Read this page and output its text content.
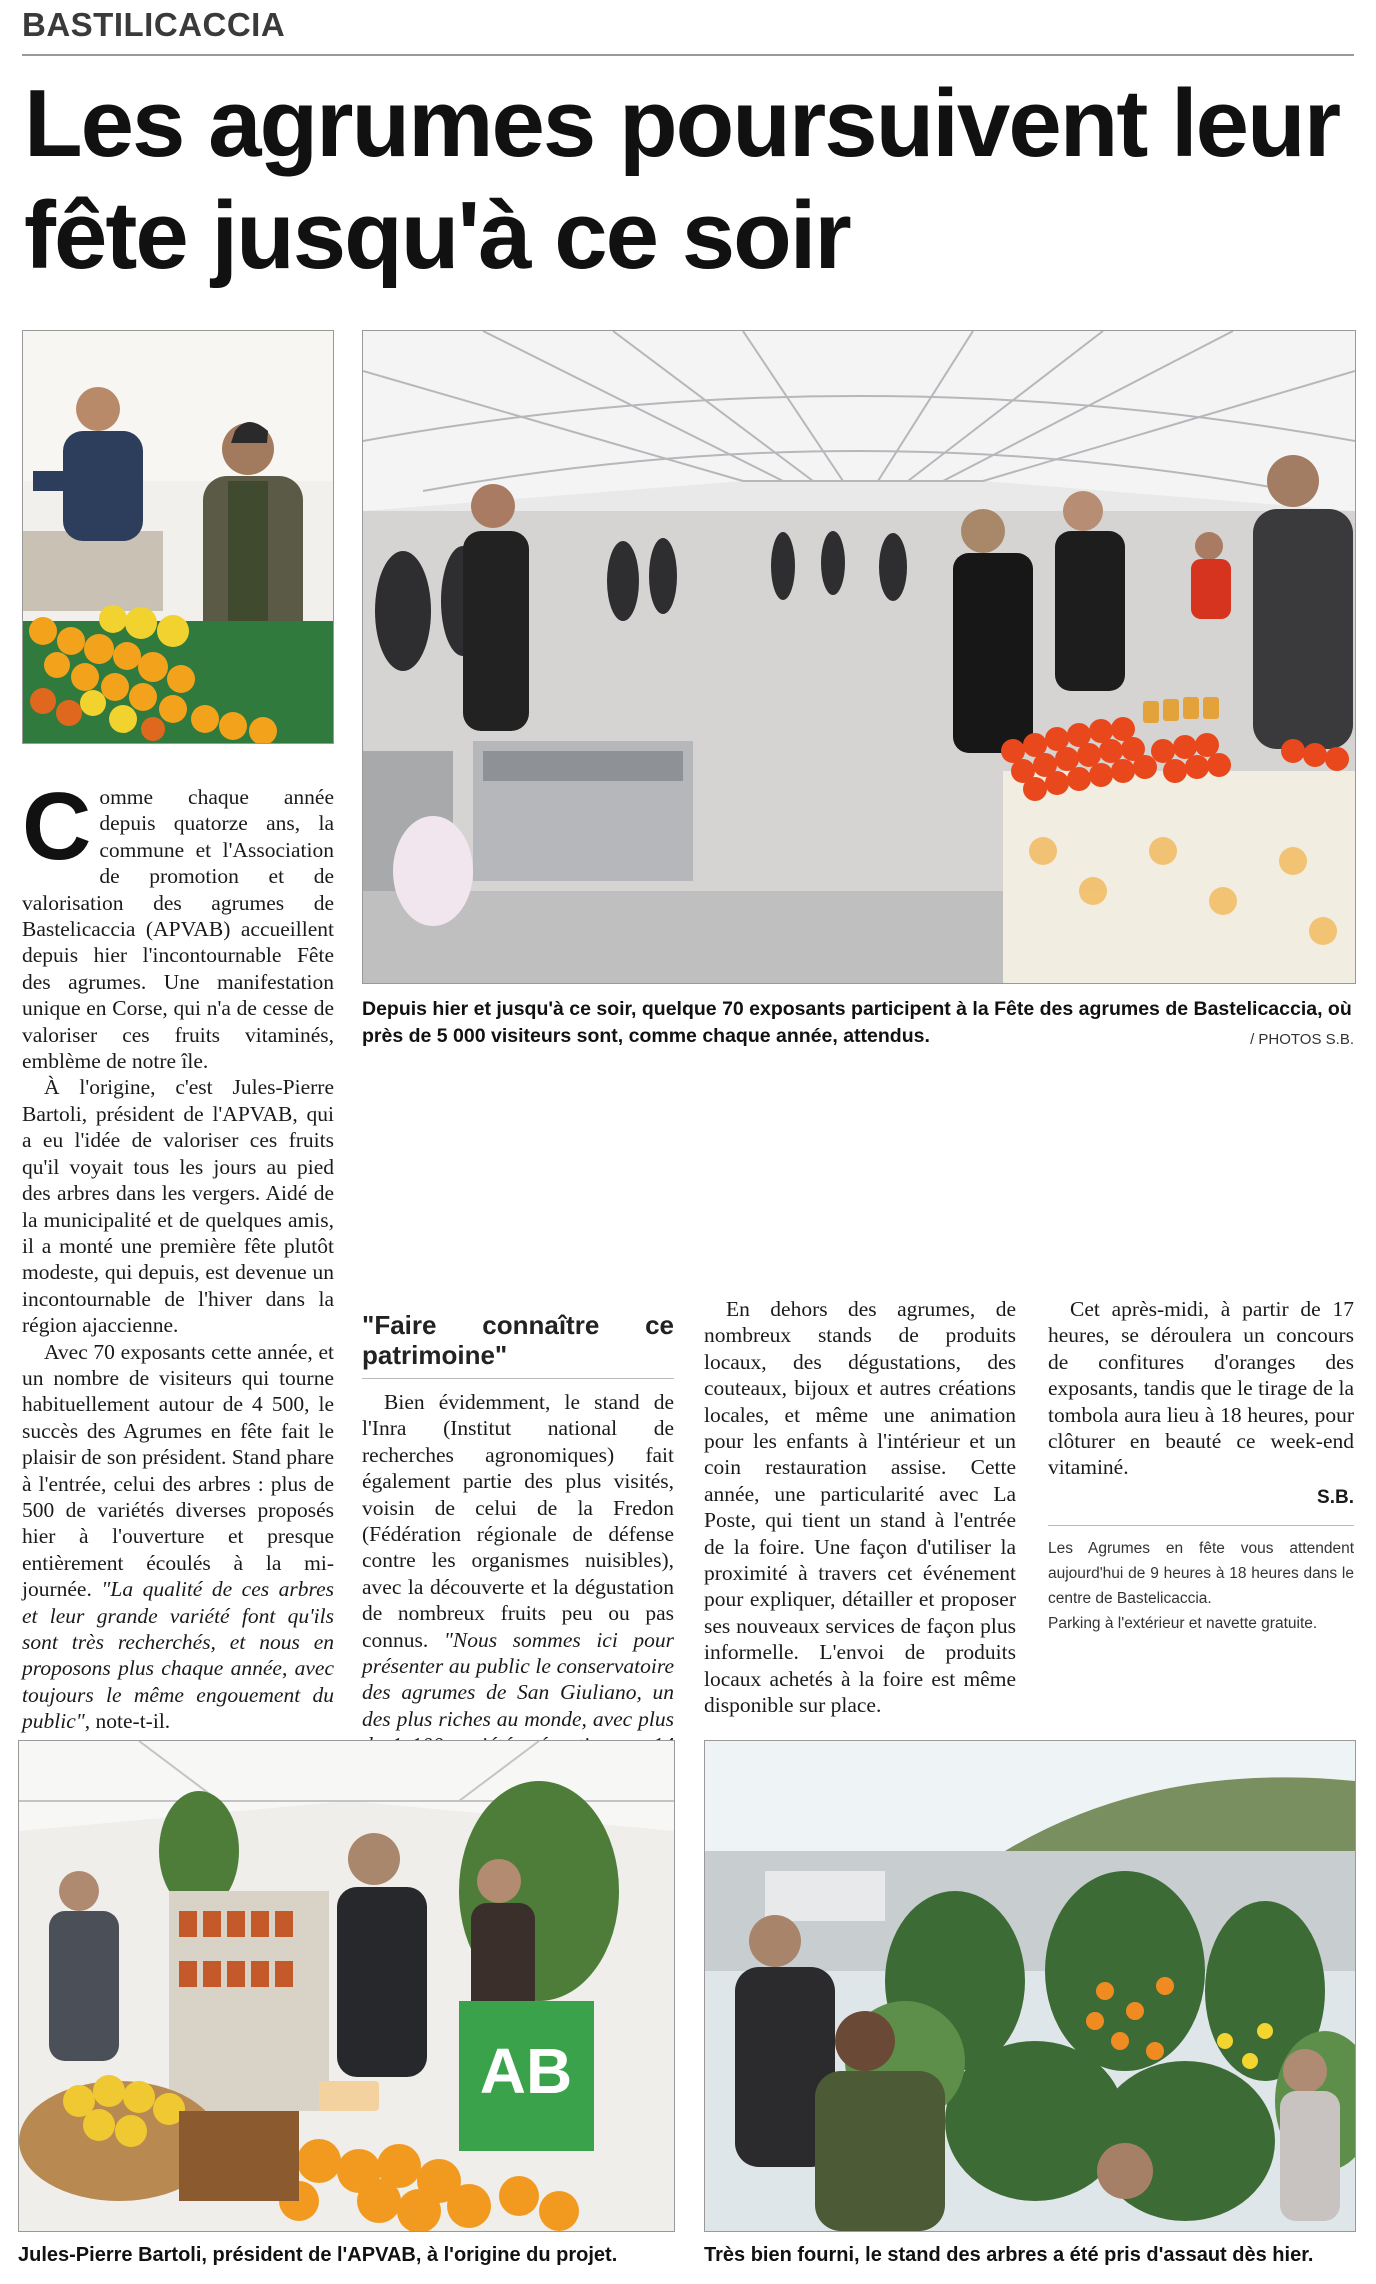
BASTILICACCIA
Les agrumes poursuivent leur fête jusqu'à ce soir
Depuis hier et jusqu'à ce soir, quelque 70 exposants participent à la Fête des agrumes de Bastelicaccia, où près de 5 000 visiteurs sont, comme chaque année, attendus.	/ PHOTOS S.B.

Comme chaque année depuis quatorze ans, la commune et l'Association de promotion et de valorisation des agrumes de Bastelicaccia (APVAB) accueillent depuis hier l'incontournable Fête des agrumes. Une manifestation unique en Corse, qui n'a de cesse de valoriser ces fruits vitaminés, emblème de notre île.

À l'origine, c'est Jules-Pierre Bartoli, président de l'APVAB, qui a eu l'idée de valoriser ces fruits qu'il voyait tous les jours au pied des arbres dans les vergers. Aidé de la municipalité et de quelques amis, il a monté une première fête plutôt modeste, qui depuis, est devenue un incontournable de l'hiver dans la région ajaccienne.

Avec 70 exposants cette année, et un nombre de visiteurs qui tourne habituellement autour de 4 500, le succès des Agrumes en fête fait le plaisir de son président. Stand phare à l'entrée, celui des arbres : plus de 500 de variétés diverses proposés hier à l'ouverture et presque entièrement écoulés à la mi-journée. "La qualité de ces arbres et leur grande variété font qu'ils sont très recherchés, et nous en proposons plus chaque année, avec toujours le même engouement du public", note-t-il.

"Faire connaître ce patrimoine"

Bien évidemment, le stand de l'Inra (Institut national de recherches agronomiques) fait également partie des plus visités, voisin de celui de la Fredon (Fédération régionale de défense contre les organismes nuisibles), avec la découverte et la dégustation de nombreux fruits peu ou pas connus. "Nous sommes ici pour présenter au public le conservatoire des agrumes de San Giuliano, un des plus riches au monde, avec plus

En dehors des agrumes, de nombreux stands de produits locaux, des dégustations, des couteaux, bijoux et autres créations locales, et même une animation pour les enfants à l'intérieur et un coin restauration assise. Cette année, une particularité avec La Poste, qui tient un stand à l'entrée de la foire. Une façon d'utiliser la proximité à travers cet événement pour expliquer, détailler et proposer ses nouveaux services de façon plus informelle. L'envoi de produits locaux achetés à la foire est même disponible sur place.

Cet après-midi, à partir de 17 heures, se déroulera un concours de confitures d'oranges des exposants, tandis que le tirage de la tombola aura lieu à 18 heures, pour clôturer en beauté ce week-end vitaminé.

S.B.
Les Agrumes en fête vous attendent aujourd'hui de 9 heures à 18 heures dans le centre de Bastelicaccia.
Parking à l'extérieur et navette gratuite.
AB
Jules-Pierre Bartoli, président de l'APVAB, à l'origine du projet.	Très bien fourni, le stand des arbres a été pris d'assaut dès hier.
